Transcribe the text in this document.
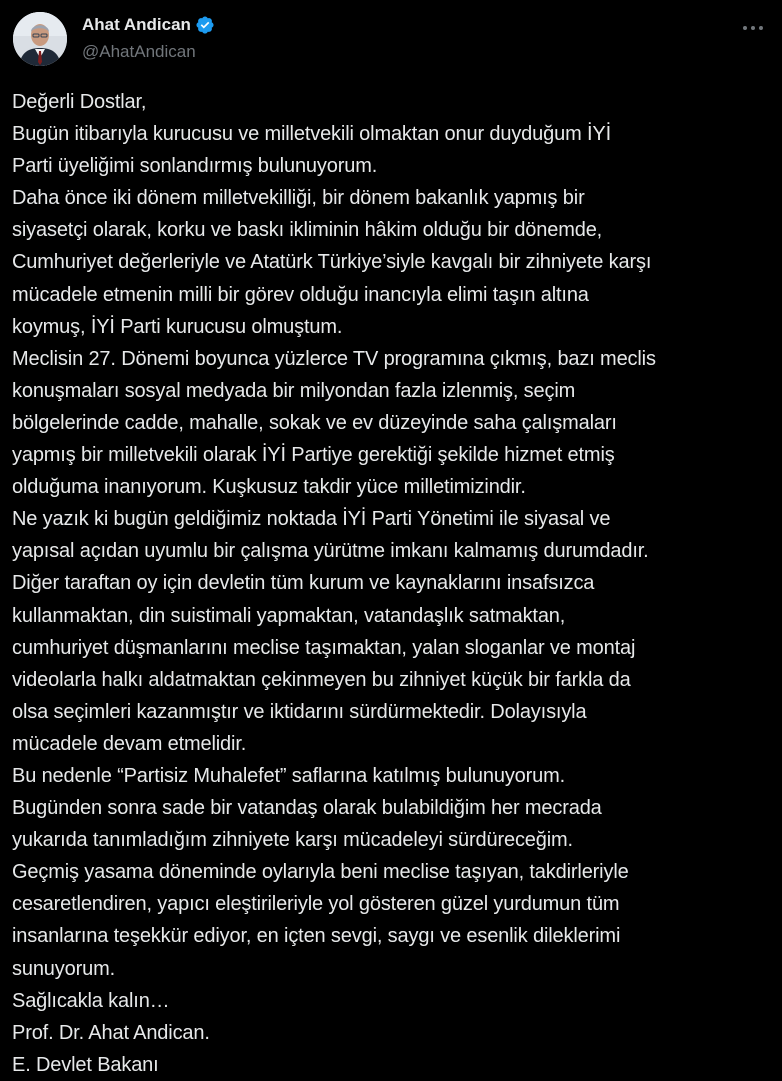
Ahat Andican
@AhatAndican
Değerli Dostlar,
Bugün itibarıyla kurucusu ve milletvekili olmaktan onur duyduğum İYİ
Parti üyeliğimi sonlandırmış bulunuyorum.
Daha önce iki dönem milletvekilliği, bir dönem bakanlık yapmış bir
siyasetçi olarak, korku ve baskı ikliminin hâkim olduğu bir dönemde,
Cumhuriyet değerleriyle ve Atatürk Türkiye’siyle kavgalı bir zihniyete karşı
mücadele etmenin milli bir görev olduğu inancıyla elimi taşın altına
koymuş, İYİ Parti kurucusu olmuştum.
Meclisin 27. Dönemi boyunca yüzlerce TV programına çıkmış, bazı meclis
konuşmaları sosyal medyada bir milyondan fazla izlenmiş, seçim
bölgelerinde cadde, mahalle, sokak ve ev düzeyinde saha çalışmaları
yapmış bir milletvekili olarak İYİ Partiye gerektiği şekilde hizmet etmiş
olduğuma inanıyorum. Kuşkusuz takdir yüce milletimizindir.
Ne yazık ki bugün geldiğimiz noktada İYİ Parti Yönetimi ile siyasal ve
yapısal açıdan uyumlu bir çalışma yürütme imkanı kalmamış durumdadır.
Diğer taraftan oy için devletin tüm kurum ve kaynaklarını insafsızca
kullanmaktan, din suistimali yapmaktan, vatandaşlık satmaktan,
cumhuriyet düşmanlarını meclise taşımaktan, yalan sloganlar ve montaj
videolarla halkı aldatmaktan çekinmeyen bu zihniyet küçük bir farkla da
olsa seçimleri kazanmıştır ve iktidarını sürdürmektedir. Dolayısıyla
mücadele devam etmelidir.
Bu nedenle “Partisiz Muhalefet” saflarına katılmış bulunuyorum.
Bugünden sonra sade bir vatandaş olarak bulabildiğim her mecrada
yukarıda tanımladığım zihniyete karşı mücadeleyi sürdüreceğim.
Geçmiş yasama döneminde oylarıyla beni meclise taşıyan, takdirleriyle
cesaretlendiren, yapıcı eleştirileriyle yol gösteren güzel yurdumun tüm
insanlarına teşekkür ediyor, en içten sevgi, saygı ve esenlik dileklerimi
sunuyorum.
Sağlıcakla kalın…
Prof. Dr. Ahat Andican.
E. Devlet Bakanı
